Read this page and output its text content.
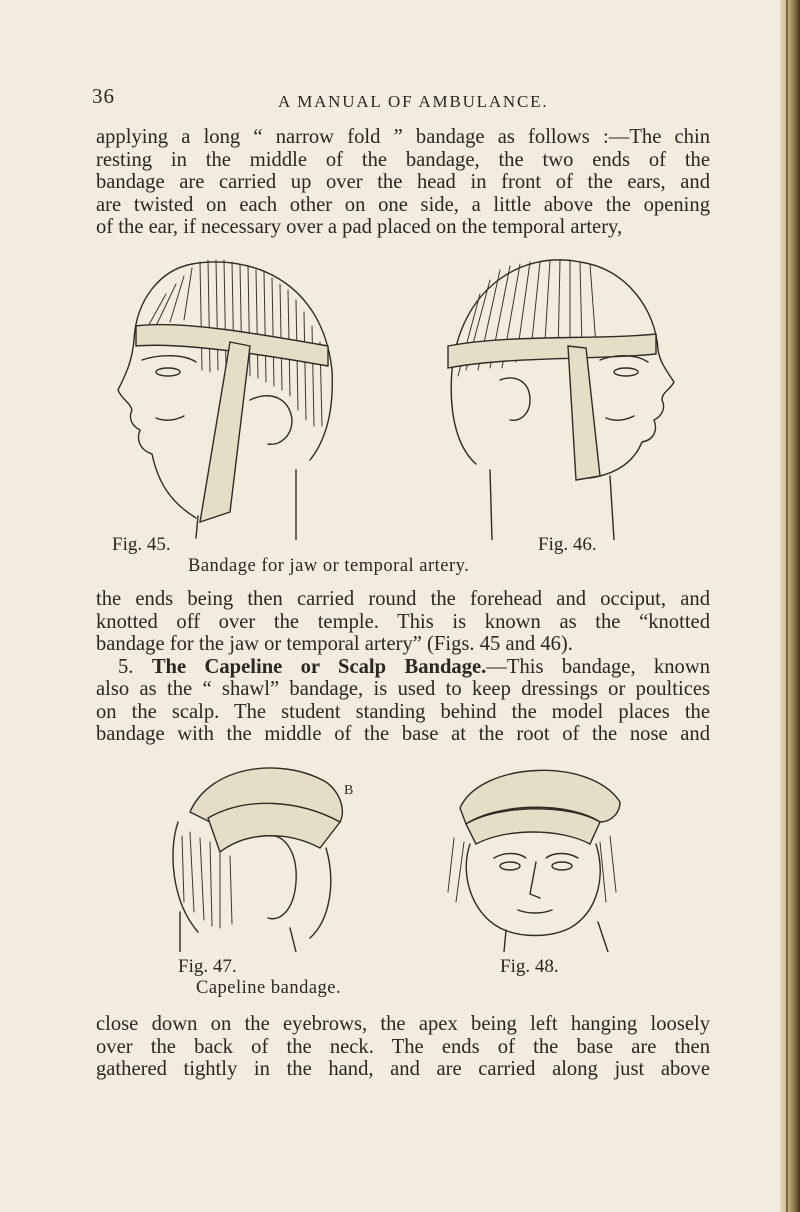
36	A MANUAL OF AMBULANCE.

applying a long “ narrow fold ” bandage as follows :—The chin
resting in the middle of the bandage, the two ends of the
bandage are carried up over the head in front of the ears, and
are twisted on each other on one side, a little above the opening
of the ear, if necessary over a pad placed on the temporal artery,

Fig. 45.	Fig. 46.
Bandage for jaw or temporal artery.

the ends being then carried round the forehead and occiput, and
knotted off over the temple. This is known as the “knotted
bandage for the jaw or temporal artery” (Figs. 45 and 46).
5. The Capeline or Scalp Bandage.—This bandage, known
also as the “ shawl” bandage, is used to keep dressings or poultices
on the scalp. The student standing behind the model places the
bandage with the middle of the base at the root of the nose and

B
Fig. 47.	Fig. 48.
Capeline bandage.

close down on the eyebrows, the apex being left hanging loosely
over the back of the neck. The ends of the base are then
gathered tightly in the hand, and are carried along just above
